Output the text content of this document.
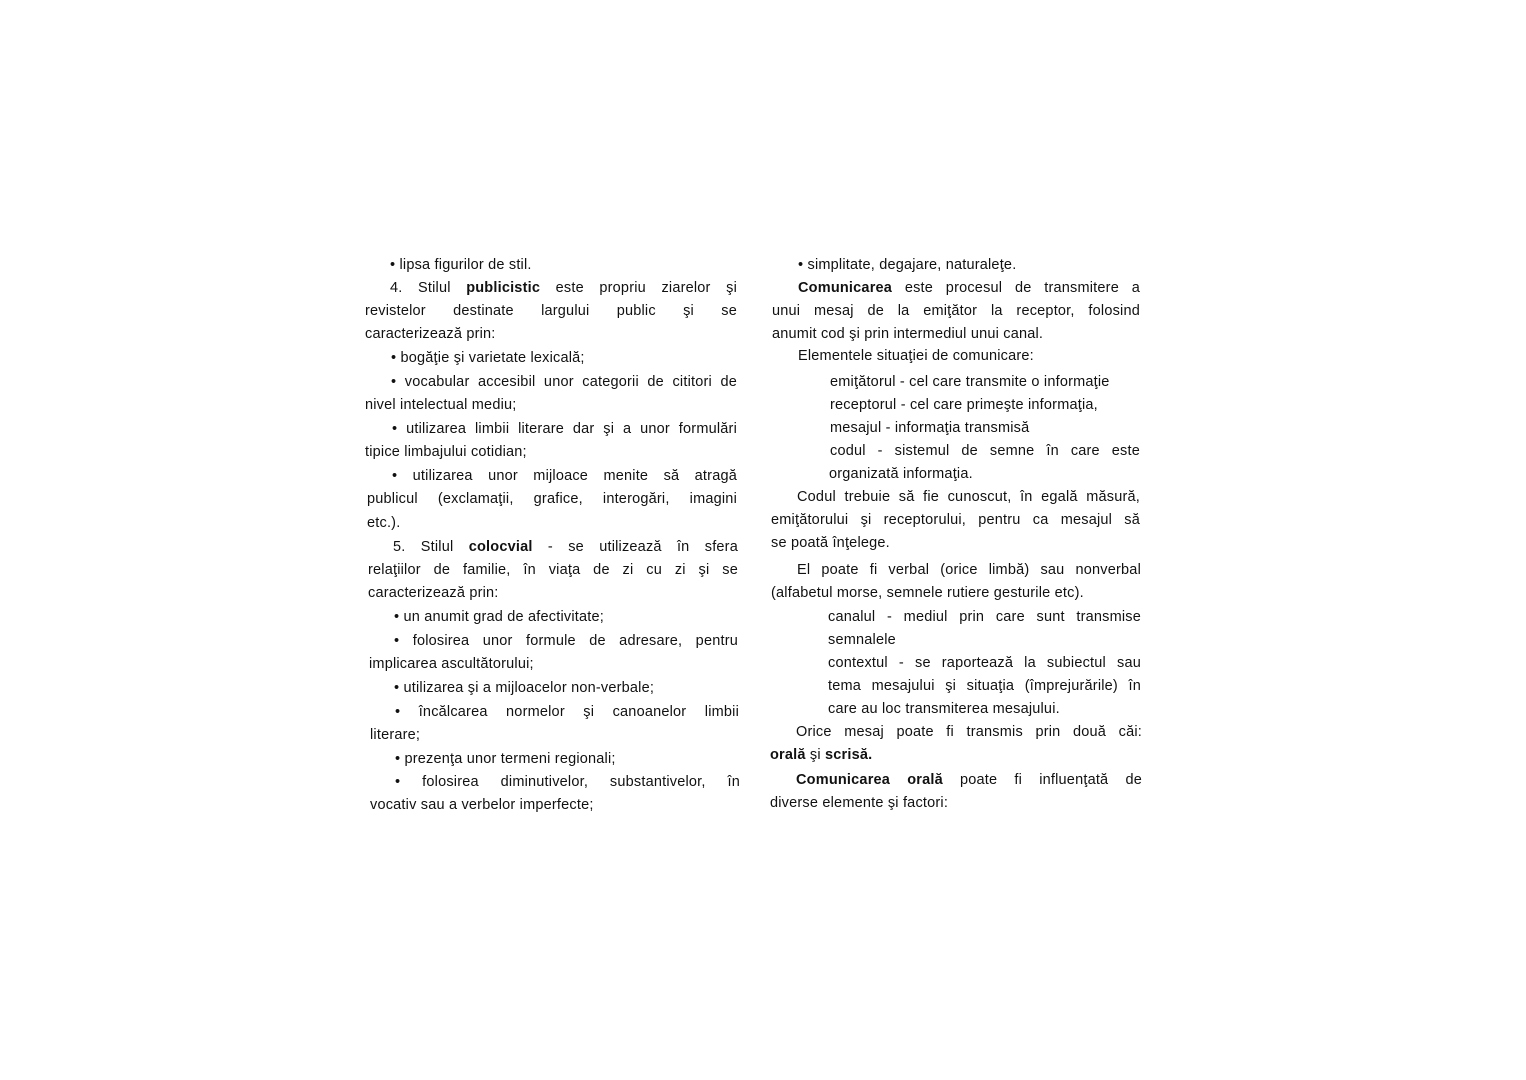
• lipsa figurilor de stil.
4. Stilul publicistic este propriu ziarelor şi
revistelor destinate largului public şi se
caracterizează prin:
• bogăţie şi varietate lexicală;
• vocabular accesibil unor categorii de cititori de
nivel intelectual mediu;
• utilizarea limbii literare dar şi a unor formulări
tipice limbajului cotidian;
• utilizarea unor mijloace menite să atragă
publicul (exclamaţii, grafice, interogări, imagini
etc.).
5. Stilul colocvial - se utilizează în sfera
relaţiilor de familie, în viaţa de zi cu zi şi se
caracterizează prin:
• un anumit grad de afectivitate;
• folosirea unor formule de adresare, pentru
implicarea ascultătorului;
• utilizarea şi a mijloacelor non-verbale;
• încălcarea normelor şi canoanelor limbii
literare;
• prezenţa unor termeni regionali;
• folosirea diminutivelor, substantivelor, în
vocativ sau a verbelor imperfecte;
• simplitate, degajare, naturaleţe.
Comunicarea este procesul de transmitere a
unui mesaj de la emiţător la receptor, folosind
anumit cod şi prin intermediul unui canal.
Elementele situaţiei de comunicare:
emiţătorul - cel care transmite o informaţie
receptorul - cel care primeşte informaţia,
mesajul - informaţia transmisă
codul - sistemul de semne în care este
organizată informaţia.
Codul trebuie să fie cunoscut, în egală măsură,
emiţătorului şi receptorului, pentru ca mesajul să
se poată înţelege.
El poate fi verbal (orice limbă) sau nonverbal
(alfabetul morse, semnele rutiere gesturile etc).
canalul - mediul prin care sunt transmise
semnalele
contextul - se raportează la subiectul sau
tema mesajului şi situaţia (împrejurările) în
care au loc transmiterea mesajului.
Orice mesaj poate fi transmis prin două căi:
orală şi scrisă.
Comunicarea orală poate fi influenţată de
diverse elemente şi factori:
